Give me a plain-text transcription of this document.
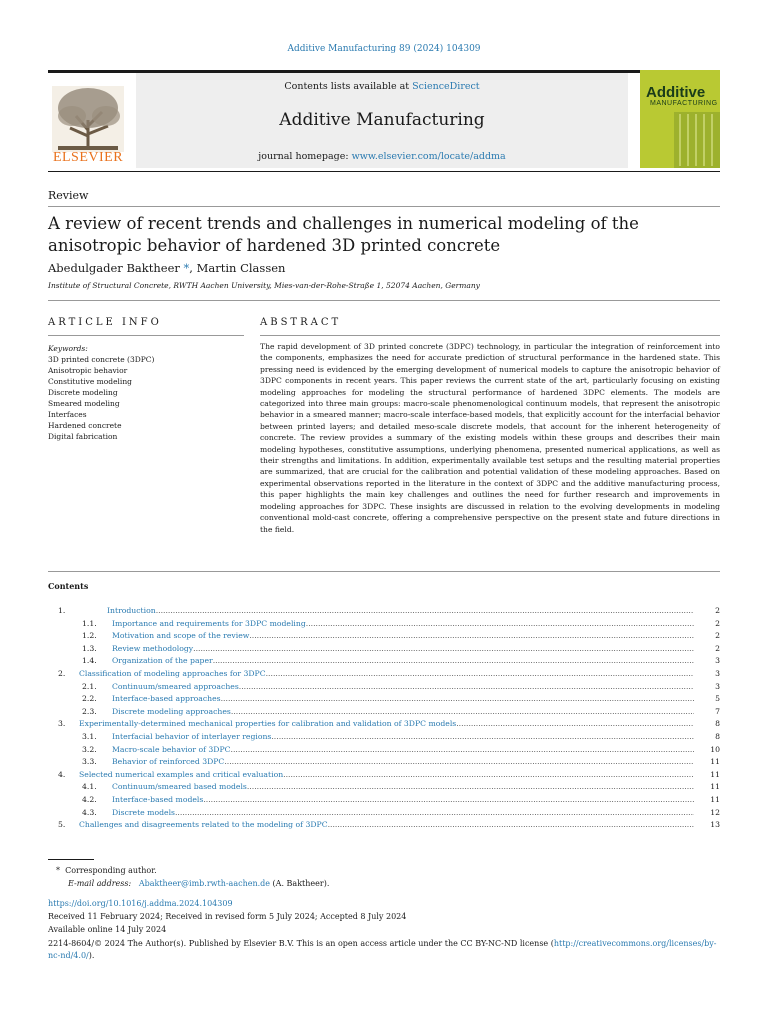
Additive Manufacturing 89 (2024) 104309
ELSEVIER
Contents lists available at ScienceDirect
Additive Manufacturing
journal homepage: www.elsevier.com/locate/addma
Additive
MANUFACTURING
Review
A review of recent trends and challenges in numerical modeling of the anisotropic behavior of hardened 3D printed concrete
Abedulgader Baktheer *, Martin Classen
Institute of Structural Concrete, RWTH Aachen University, Mies-van-der-Rohe-Straße 1, 52074 Aachen, Germany
ARTICLE INFO	ABSTRACT
Keywords:
3D printed concrete (3DPC)
Anisotropic behavior
Constitutive modeling
Discrete modeling
Smeared modeling
Interfaces
Hardened concrete
Digital fabrication
The rapid development of 3D printed concrete (3DPC) technology, in particular the integration of reinforcement into the components, emphasizes the need for accurate prediction of structural performance in the hardened state. This pressing need is evidenced by the emerging development of numerical models to capture the anisotropic behavior of 3DPC components in recent years. This paper reviews the current state of the art, particularly focusing on existing modeling approaches for modeling the structural performance of hardened 3DPC elements. The models are categorized into three main groups: macro-scale phenomenological continuum models, that represent the anisotropic behavior in a smeared manner; macro-scale interface-based models, that explicitly account for the interfacial behavior between printed layers; and detailed meso-scale discrete models, that account for the inherent heterogeneity of concrete. The review provides a summary of the existing models within these groups and describes their main modeling hypotheses, constitutive assumptions, underlying phenomena, presented numerical applications, as well as their strengths and limitations. In addition, experimentally available test setups and the resulting material properties are summarized, that are crucial for the calibration and potential validation of these modeling approaches. Based on experimental observations reported in the literature in the context of 3DPC and the additive manufacturing process, this paper highlights the main key challenges and outlines the need for further research and improvements in modeling approaches for 3DPC. These insights are discussed in relation to the evolving developments in modeling conventional mold-cast concrete, offering a comprehensive perspective on the present state and future directions in the field.
Contents
1.	Introduction .....	2
1.1. Importance and requirements for 3DPC modeling .....	2
1.2. Motivation and scope of the review .....	2
1.3. Review methodology .....	2
1.4. Organization of the paper .....	3
2. Classification of modeling approaches for 3DPC .....	3
2.1. Continuum/smeared approaches .....	3
2.2. Interface-based approaches .....	5
2.3. Discrete modeling approaches .....	7
3. Experimentally-determined mechanical properties for calibration and validation of 3DPC models .....	8
3.1. Interfacial behavior of interlayer regions .....	8
3.2. Macro-scale behavior of 3DPC .....	10
3.3. Behavior of reinforced 3DPC .....	11
4. Selected numerical examples and critical evaluation .....	11
4.1. Continuum/smeared based models .....	11
4.2. Interface-based models .....	11
4.3. Discrete models .....	12
5. Challenges and disagreements related to the modeling of 3DPC .....	13
* Corresponding author.
E-mail address: Abaktheer@imb.rwth-aachen.de (A. Baktheer).
https://doi.org/10.1016/j.addma.2024.104309
Received 11 February 2024; Received in revised form 5 July 2024; Accepted 8 July 2024
Available online 14 July 2024
2214-8604/© 2024 The Author(s). Published by Elsevier B.V. This is an open access article under the CC BY-NC-ND license (http://creativecommons.org/licenses/by-nc-nd/4.0/).
